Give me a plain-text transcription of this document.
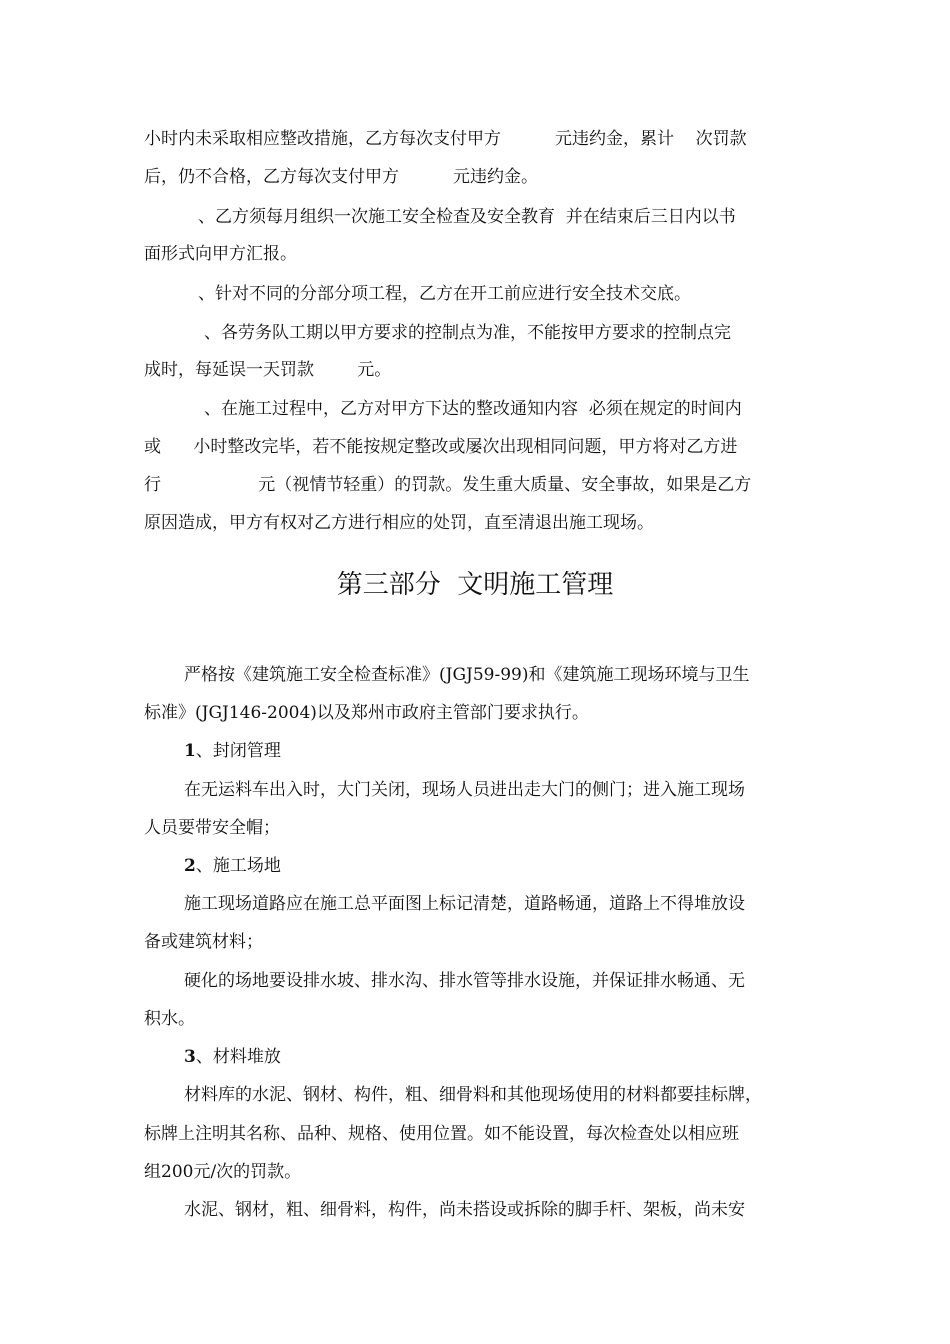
小时内未采取相应整改措施，乙方每次支付甲方          元违约金，累计    次罚款
后，仍不合格，乙方每次支付甲方          元违约金。
、乙方须每月组织一次施工安全检查及安全教育  并在结束后三日内以书
面形式向甲方汇报。
、针对不同的分部分项工程，乙方在开工前应进行安全技术交底。
、各劳务队工期以甲方要求的控制点为准，不能按甲方要求的控制点完
成时，每延误一天罚款        元。
、在施工过程中，乙方对甲方下达的整改通知内容  必须在规定的时间内
或      小时整改完毕，若不能按规定整改或屡次出现相同问题，甲方将对乙方进
行                  元（视情节轻重）的罚款。发生重大质量、安全事故，如果是乙方
原因造成，甲方有权对乙方进行相应的处罚，直至清退出施工现场。
第三部分  文明施工管理
严格按《建筑施工安全检查标准》(JGJ59-99)和《建筑施工现场环境与卫生
标准》(JGJ146-2004)以及郑州市政府主管部门要求执行。
1、封闭管理
在无运料车出入时，大门关闭，现场人员进出走大门的侧门；进入施工现场
人员要带安全帽；
2、施工场地
施工现场道路应在施工总平面图上标记清楚，道路畅通，道路上不得堆放设
备或建筑材料；
硬化的场地要设排水坡、排水沟、排水管等排水设施，并保证排水畅通、无
积水。
3、材料堆放
材料库的水泥、钢材、构件，粗、细骨料和其他现场使用的材料都要挂标牌，
标牌上注明其名称、品种、规格、使用位置。如不能设置，每次检查处以相应班
组200元/次的罚款。
水泥、钢材，粗、细骨料，构件，尚未搭设或拆除的脚手杆、架板，尚未安
